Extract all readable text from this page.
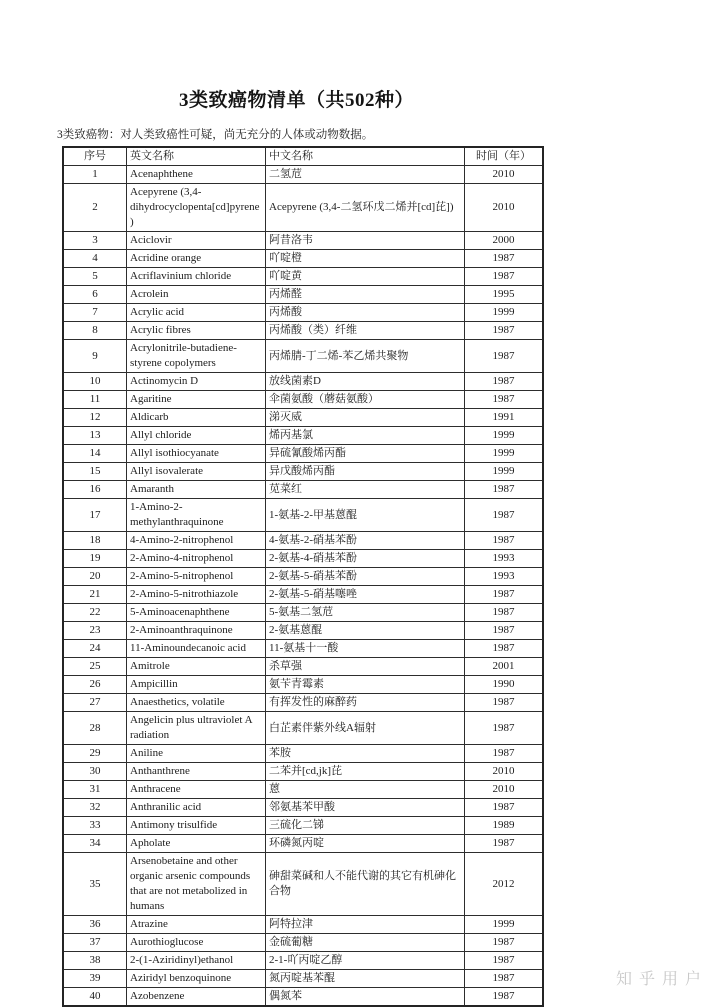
3类致癌物清单（共502种）

3类致癌物：对人类致癌性可疑，尚无充分的人体或动物数据。

序号	英文名称	中文名称	时间（年）
1	Acenaphthene	二氢苊	2010
2	Acepyrene (3,4-dihydrocyclopenta[cd]pyrene)	Acepyrene (3,4-二氢环戊二烯并[cd]芘])	2010
3	Aciclovir	阿昔洛韦	2000
4	Acridine orange	吖啶橙	1987
5	Acriflavinium chloride	吖啶黄	1987
6	Acrolein	丙烯醛	1995
7	Acrylic acid	丙烯酸	1999
8	Acrylic fibres	丙烯酸（类）纤维	1987
9	Acrylonitrile-butadiene-styrene copolymers	丙烯腈-丁二烯-苯乙烯共聚物	1987
10	Actinomycin D	放线菌素D	1987
11	Agaritine	伞菌氨酸（蘑菇氨酸）	1987
12	Aldicarb	涕灭威	1991
13	Allyl chloride	烯丙基氯	1999
14	Allyl isothiocyanate	异硫氰酸烯丙酯	1999
15	Allyl isovalerate	异戊酸烯丙酯	1999
16	Amaranth	苋菜红	1987
17	1-Amino-2-methylanthraquinone	1-氨基-2-甲基蒽醌	1987
18	4-Amino-2-nitrophenol	4-氨基-2-硝基苯酚	1987
19	2-Amino-4-nitrophenol	2-氨基-4-硝基苯酚	1993
20	2-Amino-5-nitrophenol	2-氨基-5-硝基苯酚	1993
21	2-Amino-5-nitrothiazole	2-氨基-5-硝基噻唑	1987
22	5-Aminoacenaphthene	5-氨基二氢苊	1987
23	2-Aminoanthraquinone	2-氨基蒽醌	1987
24	11-Aminoundecanoic acid	11-氨基十一酸	1987
25	Amitrole	杀草强	2001
26	Ampicillin	氨苄青霉素	1990
27	Anaesthetics, volatile	有挥发性的麻醉药	1987
28	Angelicin plus ultraviolet A radiation	白芷素伴紫外线A辐射	1987
29	Aniline	苯胺	1987
30	Anthanthrene	二苯并[cd,jk]芘	2010
31	Anthracene	蒽	2010
32	Anthranilic acid	邻氨基苯甲酸	1987
33	Antimony trisulfide	三硫化二锑	1989
34	Apholate	环磷氮丙啶	1987
35	Arsenobetaine and other organic arsenic compounds that are not metabolized in humans	砷甜菜碱和人不能代谢的其它有机砷化合物	2012
36	Atrazine	阿特拉津	1999
37	Aurothioglucose	金硫葡糖	1987
38	2-(1-Aziridinyl)ethanol	2-1-吖丙啶乙醇	1987
39	Aziridyl benzoquinone	氮丙啶基苯醌	1987
40	Azobenzene	偶氮苯	1987
知乎用户
